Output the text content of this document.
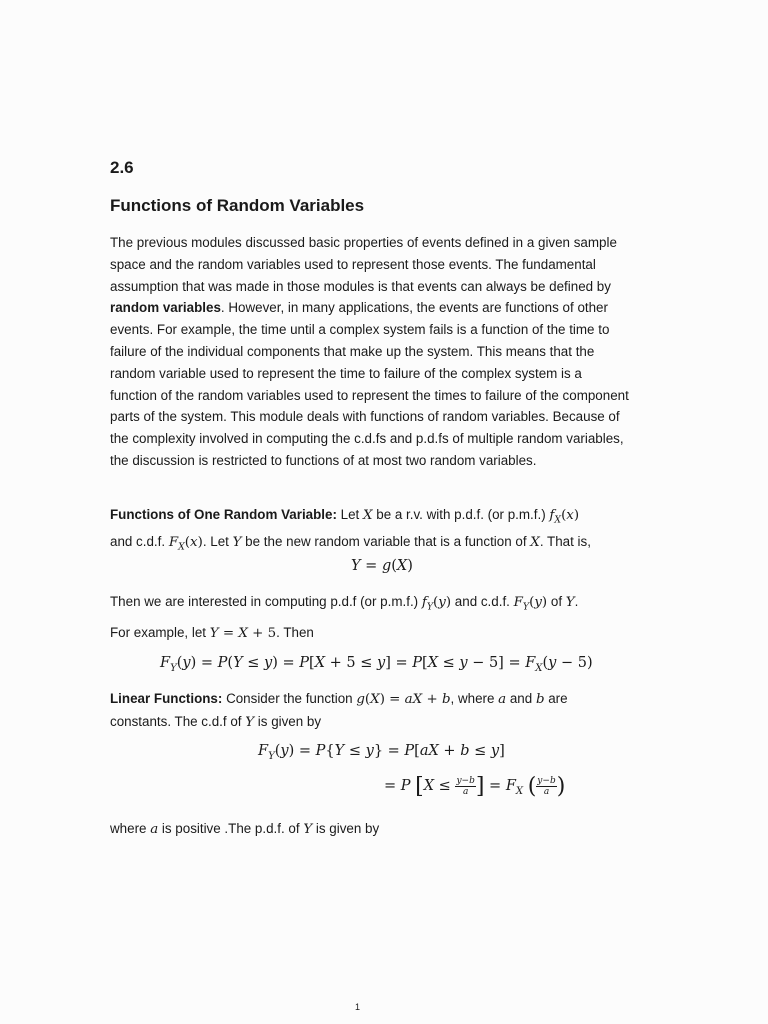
2.6
Functions of Random Variables
The previous modules discussed basic properties of events defined in a given sample space and the random variables used to represent those events. The fundamental assumption that was made in those modules is that events can always be defined by random variables. However, in many applications, the events are functions of other events. For example, the time until a complex system fails is a function of the time to failure of the individual components that make up the system. This means that the random variable used to represent the time to failure of the complex system is a function of the random variables used to represent the times to failure of the component parts of the system. This module deals with functions of random variables. Because of the complexity involved in computing the c.d.fs and p.d.fs of multiple random variables, the discussion is restricted to functions of at most two random variables.
Functions of One Random Variable: Let X be a r.v. with p.d.f. (or p.m.f.) $f_X(x)$
and c.d.f. $F_X(x)$. Let Y be the new random variable that is a function of X. That is,
Y = g(X)
Then we are interested in computing p.d.f (or p.m.f.) $f_Y(y)$ and c.d.f. $F_Y(y)$ of Y.
For example, let Y = X + 5. Then
$F_Y(y) = P(Y \le y) = P[X + 5 \le y] = P[X \le y - 5] = F_X(y - 5)$
Linear Functions: Consider the function g(X) = aX + b, where a and b are
constants. The c.d.f of Y is given by
$F_Y(y) = P\{Y \le y\} = P[aX + b \le y]$
= P [$X \le \frac{y-b}{a}$ ] = $F_X$ ( $\frac{y-b}{a}$ )
where a is positive .The p.d.f. of Y is given by
1
